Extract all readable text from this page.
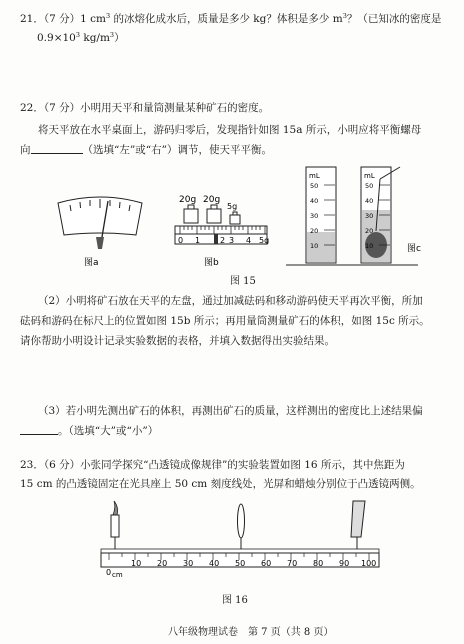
21．（7 分）1 $cm^3$ 的冰熔化成水后，质量是多少 kg？体积是多少 $m^3$？（已知冰的密度是
$0.9\times 10^3$ $kg/m^3$）
22．（7 分）小明用天平和量筒测量某种矿石的密度。
将天平放在水平桌面上，游码归零后，发现指针如图 15a 所示，小明应将平衡螺母
向	（选填“左”或“右”）调节，使天平平衡。
20g 20g
5g
0 1 2 3 4 5g
mL	mL
50
40
30
20
10
50
40
30
20
10	图c
图a	图b
图 15
（2）小明将矿石放在天平的左盘，通过加减砝码和移动游码使天平再次平衡，所加
砝码和游码在标尺上的位置如图 15b 所示；再用量筒测量矿石的体积，如图 15c 所示。
请你帮助小明设计记录实验数据的表格，并填入数据得出实验结果。
（3）若小明先测出矿石的体积，再测出矿石的质量，这样测出的密度比上述结果偏
。（选填“大”或“小”）
23．（6 分）小张同学探究“凸透镜成像规律”的实验装置如图 16 所示，其中焦距为
15 cm 的凸透镜固定在光具座上 50 cm 刻度线处，光屏和蜡烛分别位于凸透镜两侧。
0 cm
10 20 30 40 50 60 70 80 90 100
图 16
八年级物理试卷　第 7 页（共 8 页）
